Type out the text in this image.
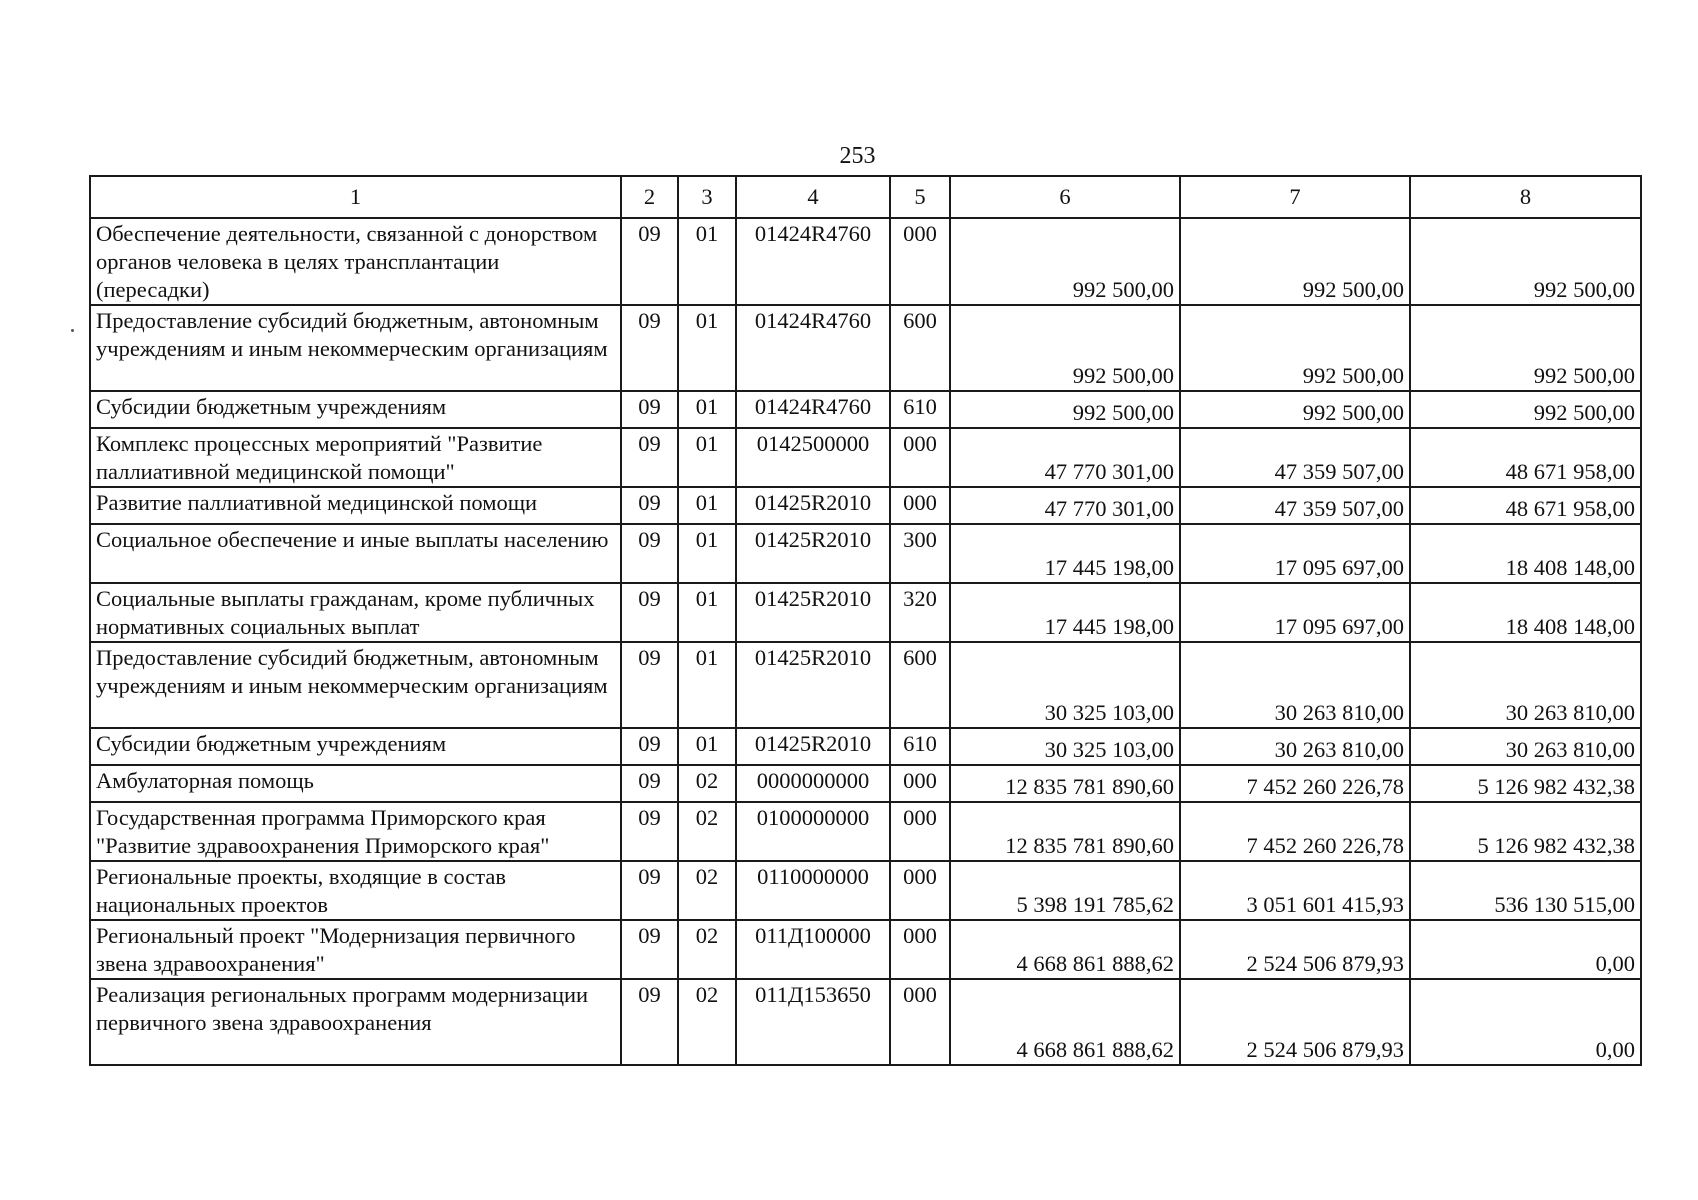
253
1	2	3	4	5	6	7	8
Обеспечение деятельности, связанной с донорством органов человека в целях трансплантации (пересадки)	09	01	01424R4760	000	992 500,00	992 500,00	992 500,00
Предоставление субсидий бюджетным, автономным учреждениям и иным некоммерческим организациям	09	01	01424R4760	600	992 500,00	992 500,00	992 500,00
Субсидии бюджетным учреждениям	09	01	01424R4760	610	992 500,00	992 500,00	992 500,00
Комплекс процессных мероприятий "Развитие паллиативной медицинской помощи"	09	01	0142500000	000	47 770 301,00	47 359 507,00	48 671 958,00
Развитие паллиативной медицинской помощи	09	01	01425R2010	000	47 770 301,00	47 359 507,00	48 671 958,00
Социальное обеспечение и иные выплаты населению	09	01	01425R2010	300	17 445 198,00	17 095 697,00	18 408 148,00
Социальные выплаты гражданам, кроме публичных нормативных социальных выплат	09	01	01425R2010	320	17 445 198,00	17 095 697,00	18 408 148,00
Предоставление субсидий бюджетным, автономным учреждениям и иным некоммерческим организациям	09	01	01425R2010	600	30 325 103,00	30 263 810,00	30 263 810,00
Субсидии бюджетным учреждениям	09	01	01425R2010	610	30 325 103,00	30 263 810,00	30 263 810,00
Амбулаторная помощь	09	02	0000000000	000	12 835 781 890,60	7 452 260 226,78	5 126 982 432,38
Государственная программа Приморского края "Развитие здравоохранения Приморского края"	09	02	0100000000	000	12 835 781 890,60	7 452 260 226,78	5 126 982 432,38
Региональные проекты, входящие в состав национальных проектов	09	02	0110000000	000	5 398 191 785,62	3 051 601 415,93	536 130 515,00
Региональный проект "Модернизация первичного звена здравоохранения"	09	02	011Д100000	000	4 668 861 888,62	2 524 506 879,93	0,00
Реализация региональных программ модернизации первичного звена здравоохранения	09	02	011Д153650	000	4 668 861 888,62	2 524 506 879,93	0,00
